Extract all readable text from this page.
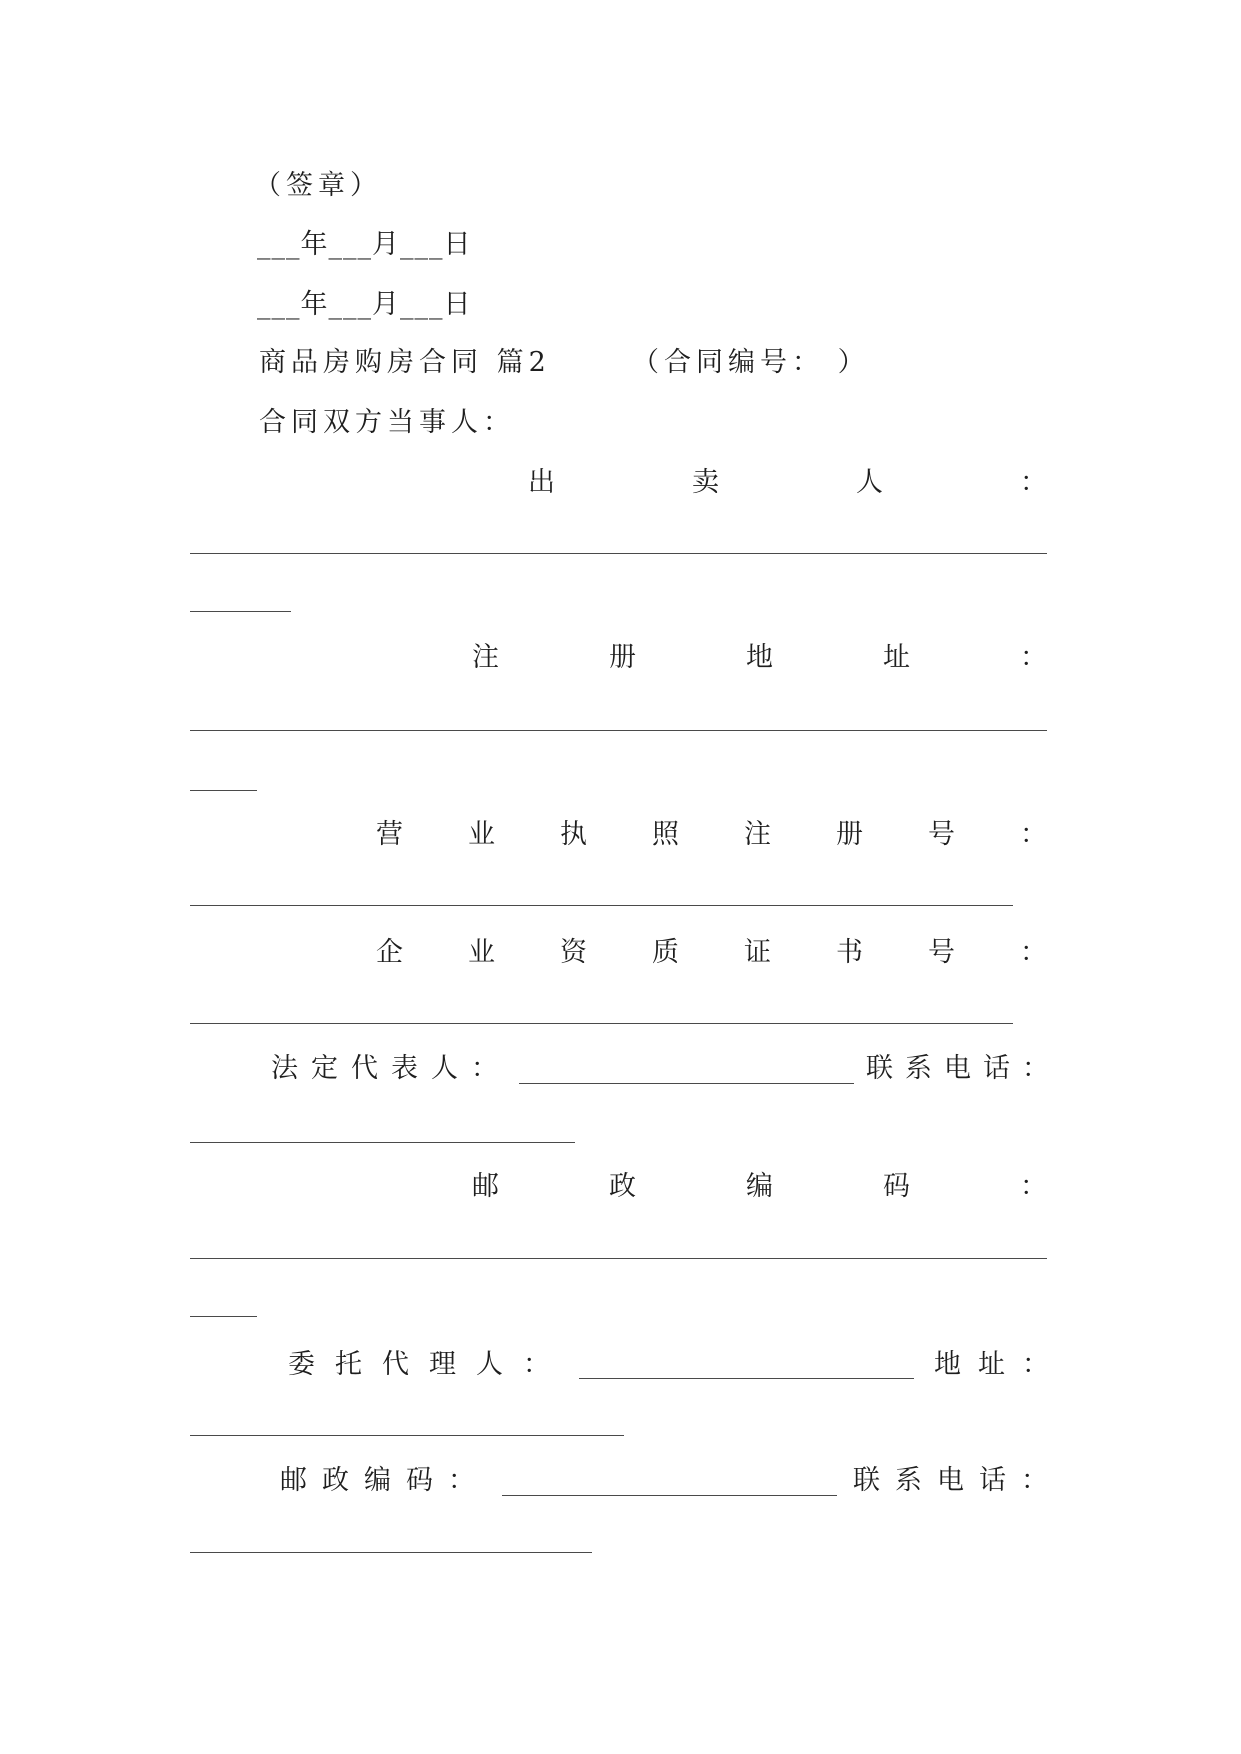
（签章）
___年___月___日
___年___月___日
商品房购房合同 篇2	（合同编号： ）
合同双方当事人：
出	卖	人	：
注	册	地	址	：
营 业 执 照 注 册 号 ：
企 业 资 质 证 书 号 ：
法定代表人：	联系电话：
邮	政	编	码	：
委托代理人：	地址：
邮政编码：	联系电话：
